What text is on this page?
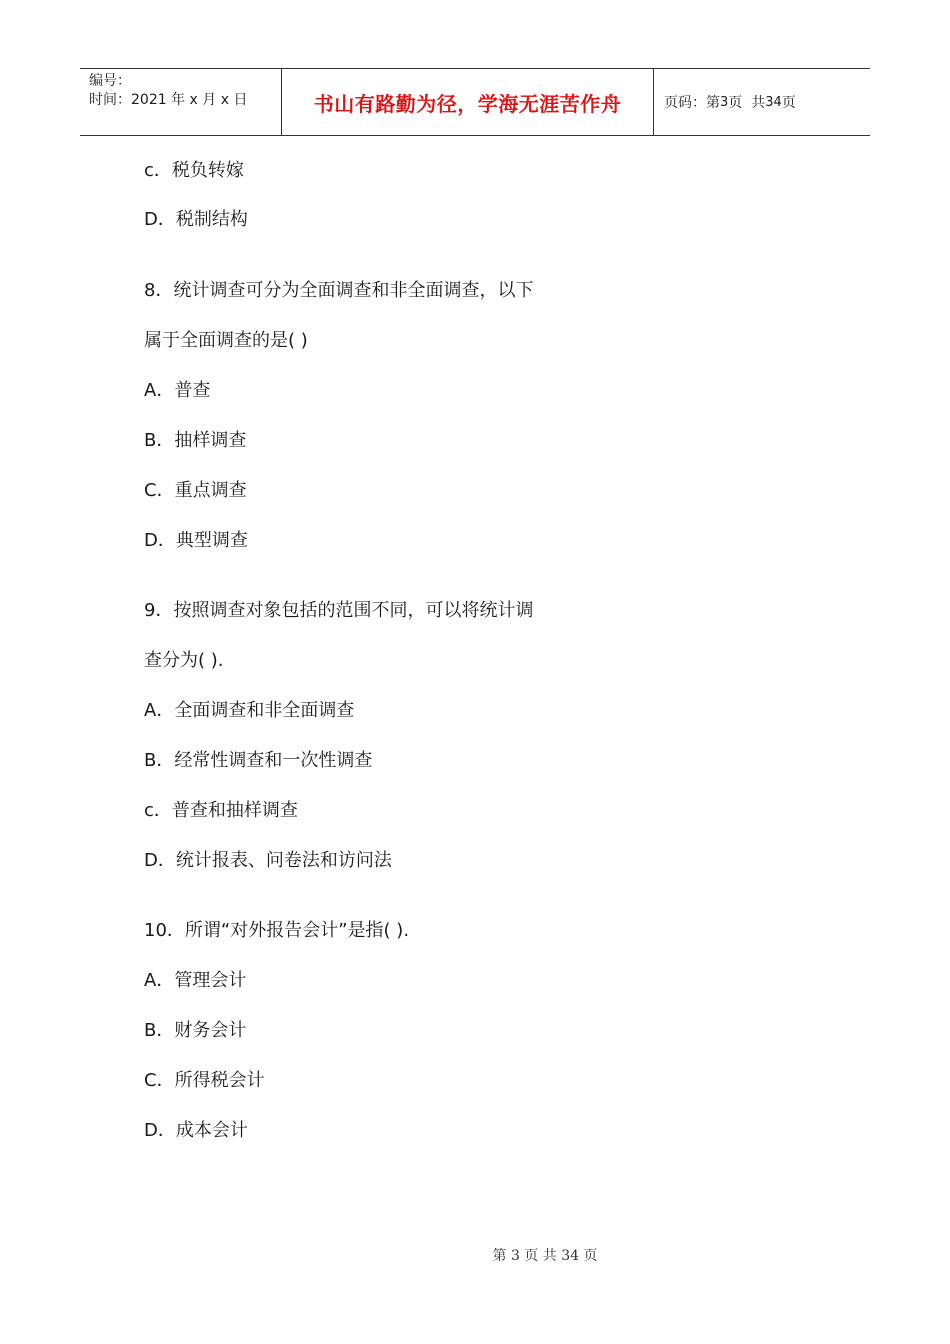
编号：
时间：2021 年 x 月 x 日	书山有路勤为径，学海无涯苦作舟	页码：第 3 页  共 34 页
c．税负转嫁
D．税制结构
8．统计调查可分为全面调查和非全面调查，以下
属于全面调查的是( )
A．普查
B．抽样调查
C．重点调查
D．典型调查
9．按照调查对象包括的范围不同，可以将统计调
查分为( ).
A．全面调查和非全面调查
B．经常性调查和一次性调查
c．普查和抽样调查
D．统计报表、问卷法和访问法
10．所谓“对外报告会计”是指( ).
A．管理会计
B．财务会计
C．所得税会计
D．成本会计
第 3 页 共 34 页
